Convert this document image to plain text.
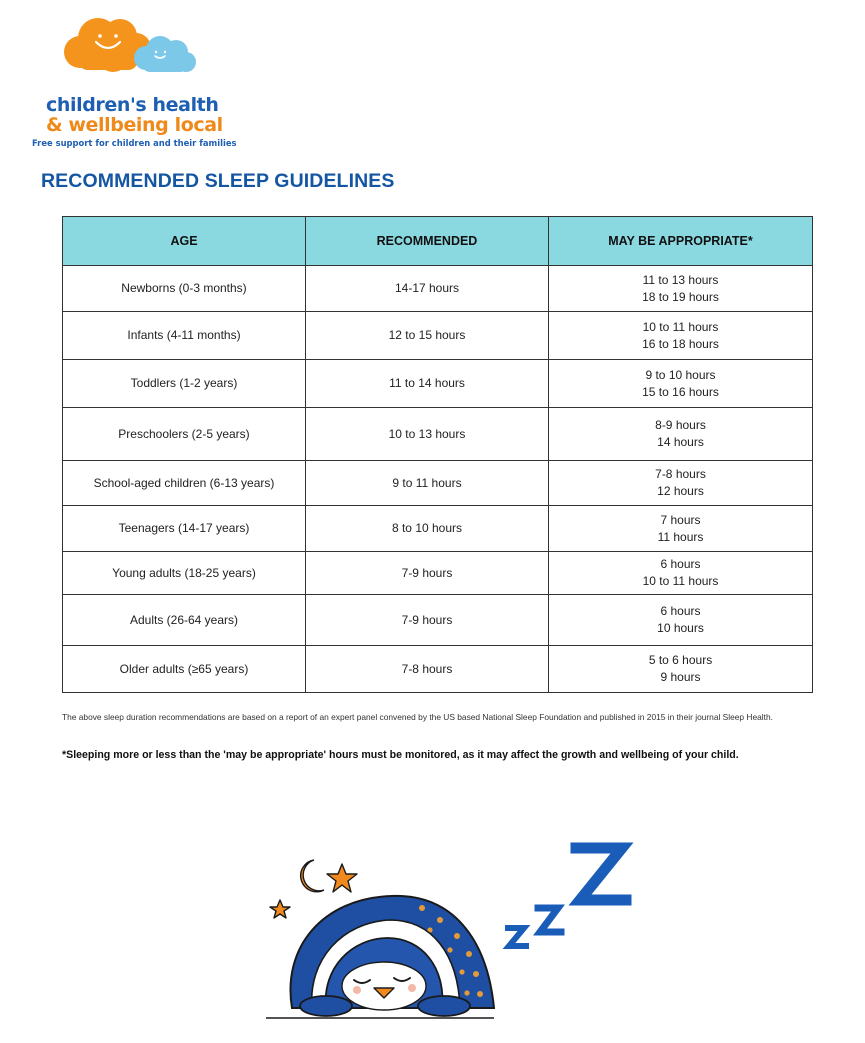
children's health
& wellbeing local
Free support for children and their families
RECOMMENDED SLEEP GUIDELINES
AGE	RECOMMENDED	MAY BE APPROPRIATE*
Newborns (0-3 months)	14-17 hours	11 to 13 hours
18 to 19 hours

Infants (4-11 months)	12 to 15 hours	10 to 11 hours
16 to 18 hours

Toddlers (1-2 years)	11 to 14 hours	9 to 10 hours
15 to 16 hours

Preschoolers (2-5 years)	10 to 13 hours	8-9 hours
14 hours

School-aged children (6-13 years)	9 to 11 hours	7-8 hours
12 hours

Teenagers (14-17 years)	8 to 10 hours	7 hours
11 hours

Young adults (18-25 years)	7-9 hours	6 hours
10 to 11 hours

Adults (26-64 years)	7-9 hours	6 hours
10 hours

Older adults (≥65 years)	7-8 hours	5 to 6 hours
9 hours

The above sleep duration recommendations are based on a report of an expert panel convened by the US based National Sleep Foundation and published in 2015 in their journal Sleep Health.

*Sleeping more or less than the 'may be appropriate' hours must be monitored, as it may affect the growth and wellbeing of your child.
